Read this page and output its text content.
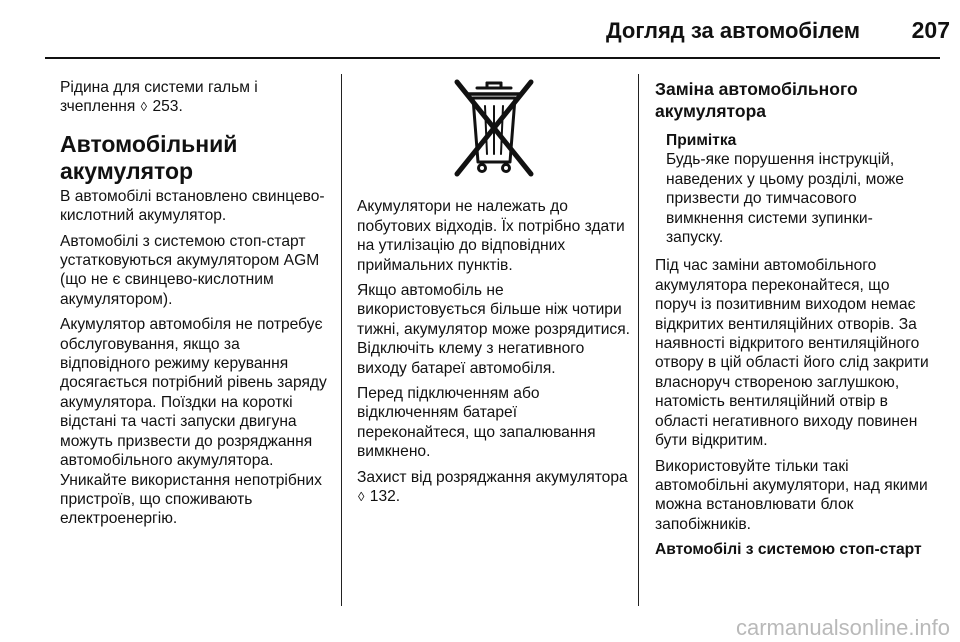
Догляд за автомобілем	207

Рідина для системи гальм і зчеплення ◊ 253.

Автомобільний акумулятор

В автомобілі встановлено свинцево-кислотний акумулятор.

Автомобілі з системою стоп-старт устатковуються акумулятором AGM (що не є свинцево-кислотним акумулятором).

Акумулятор автомобіля не потребує обслуговування, якщо за відповідного режиму керування досягається потрібний рівень заряду акумулятора. Поїздки на короткі відстані та часті запуски двигуна можуть призвести до розряджання автомобільного акумулятора. Уникайте використання непотрібних пристроїв, що споживають електроенергію.

Акумулятори не належать до побутових відходів. Їх потрібно здати на утилізацію до відповідних приймальних пунктів.

Якщо автомобіль не використовується більше ніж чотири тижні, акумулятор може розрядитися. Відключіть клему з негативного виходу батареї автомобіля.

Перед підключенням або відключенням батареї переконайтеся, що запалювання вимкнено.

Захист від розряджання акумулятора ◊ 132.

Заміна автомобільного акумулятора
Примітка
Будь-яке порушення інструкцій, наведених у цьому розділі, може призвести до тимчасового вимкнення системи зупинки-запуску.

Під час заміни автомобільного акумулятора переконайтеся, що поруч із позитивним виходом немає відкритих вентиляційних отворів. За наявності відкритого вентиляційного отвору в цій області його слід закрити власноруч створеною заглушкою, натомість вентиляційний отвір в області негативного виходу повинен бути відкритим.

Використовуйте тільки такі автомобільні акумулятори, над якими можна встановлювати блок запобіжників.

Автомобілі з системою стоп-старт

carmanualsonline.info
